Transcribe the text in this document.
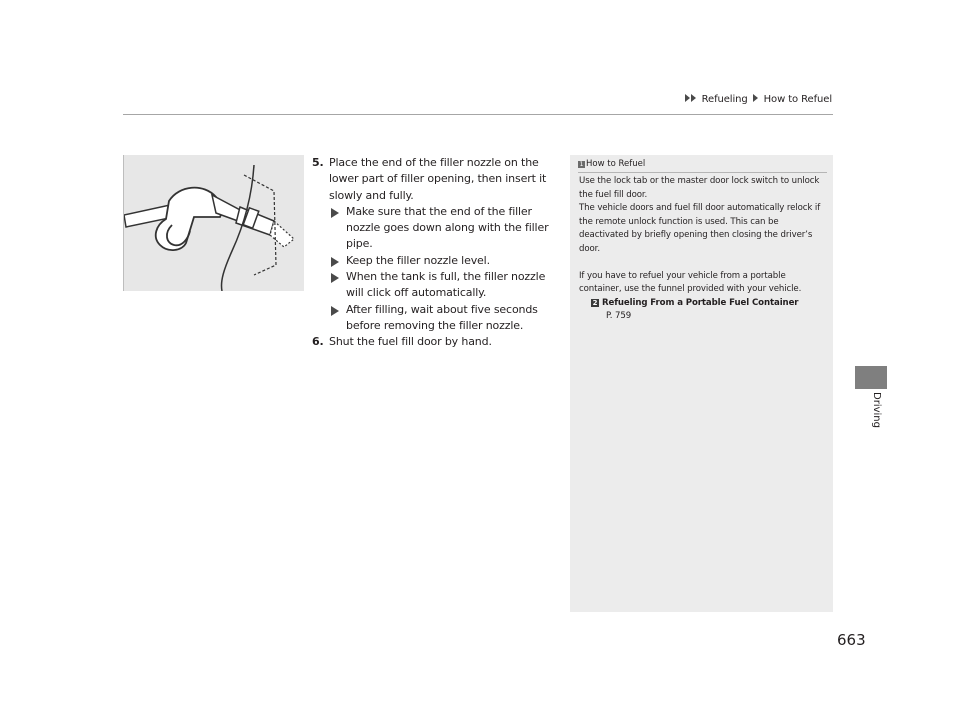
Refueling How to Refuel
5. Place the end of the filler nozzle on the lower part of filler opening, then insert it slowly and fully.
Make sure that the end of the filler nozzle goes down along with the filler pipe.
Keep the filler nozzle level.
When the tank is full, the filler nozzle will click off automatically.
After filling, wait about five seconds before removing the filler nozzle.
6. Shut the fuel fill door by hand.
1 How to Refuel

Use the lock tab or the master door lock switch to unlock the fuel fill door.

The vehicle doors and fuel fill door automatically relock if the remote unlock function is used. This can be deactivated by briefly opening then closing the driver’s door.

If you have to refuel your vehicle from a portable container, use the funnel provided with your vehicle.

2 Refueling From a Portable Fuel Container
P. 759
Driving
663
